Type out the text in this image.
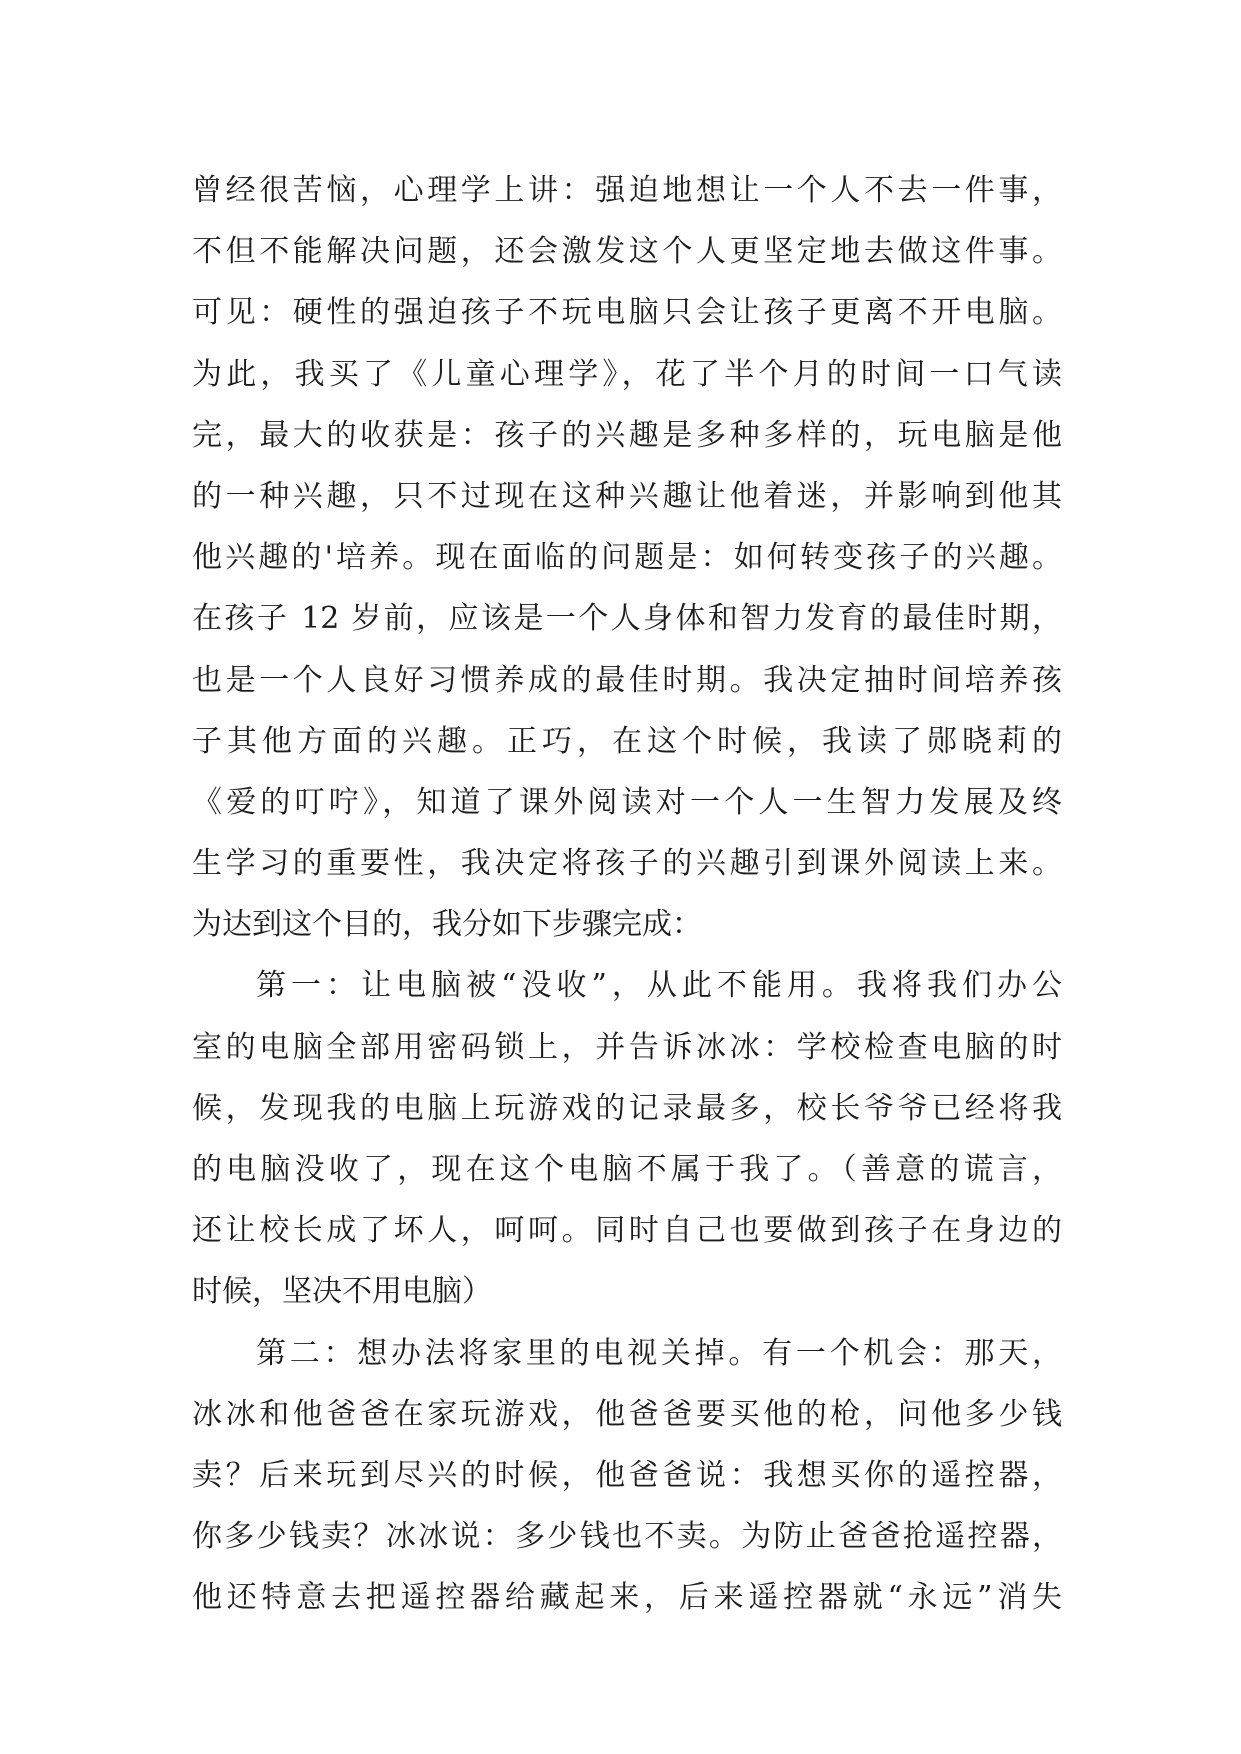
曾经很苦恼，心理学上讲：强迫地想让一个人不去一件事，
不但不能解决问题，还会激发这个人更坚定地去做这件事。
可见：硬性的强迫孩子不玩电脑只会让孩子更离不开电脑。
为此，我买了《儿童心理学》，花了半个月的时间一口气读
完，最大的收获是：孩子的兴趣是多种多样的，玩电脑是他
的一种兴趣，只不过现在这种兴趣让他着迷，并影响到他其
他兴趣的'培养。现在面临的问题是：如何转变孩子的兴趣。
在孩子 12 岁前，应该是一个人身体和智力发育的最佳时期，
也是一个人良好习惯养成的最佳时期。我决定抽时间培养孩
子其他方面的兴趣。正巧，在这个时候，我读了郧晓莉的
《爱的叮咛》，知道了课外阅读对一个人一生智力发展及终
生学习的重要性，我决定将孩子的兴趣引到课外阅读上来。
为达到这个目的，我分如下步骤完成：
第一：让电脑被“没收”，从此不能用。我将我们办公
室的电脑全部用密码锁上，并告诉冰冰：学校检查电脑的时
候，发现我的电脑上玩游戏的记录最多，校长爷爷已经将我
的电脑没收了，现在这个电脑不属于我了。（善意的谎言，
还让校长成了坏人，呵呵。同时自己也要做到孩子在身边的
时候，坚决不用电脑）
第二：想办法将家里的电视关掉。有一个机会：那天，
冰冰和他爸爸在家玩游戏，他爸爸要买他的枪，问他多少钱
卖？后来玩到尽兴的时候，他爸爸说：我想买你的遥控器，
你多少钱卖？冰冰说：多少钱也不卖。为防止爸爸抢遥控器，
他还特意去把遥控器给藏起来，后来遥控器就“永远”消失
